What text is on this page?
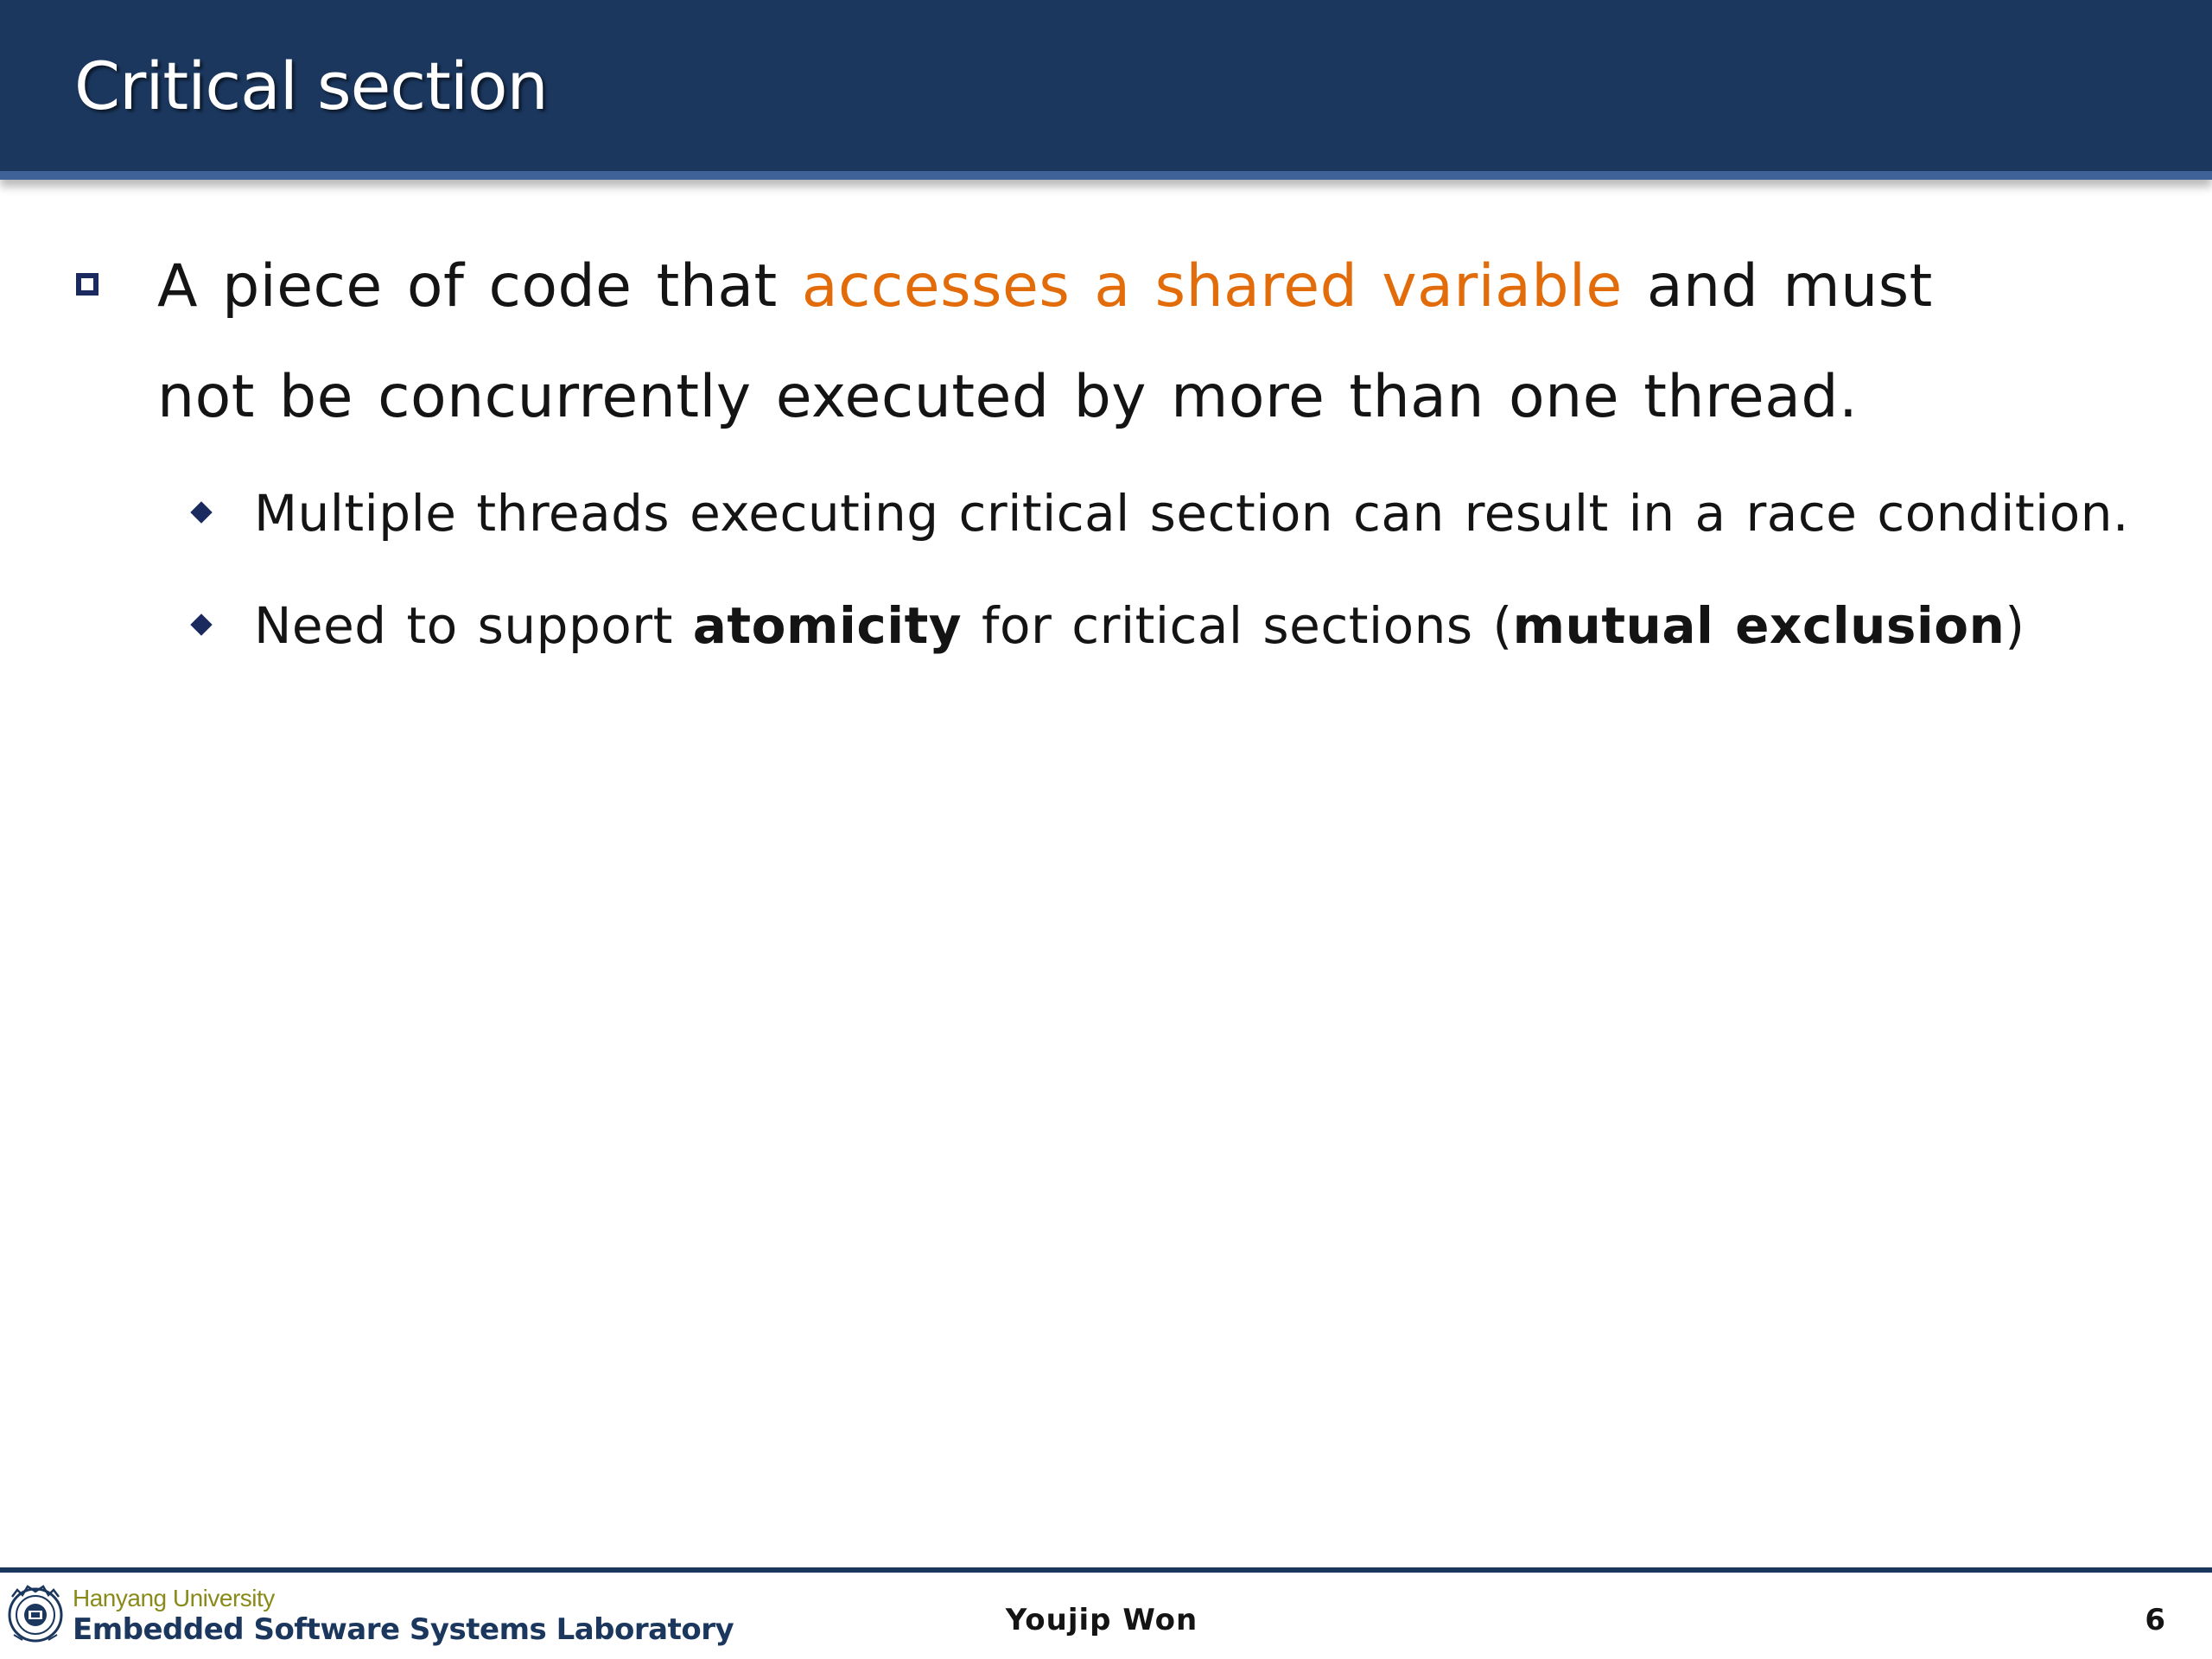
Critical section

A piece of code that accesses a shared variable and must not be concurrently executed by more than one thread.

Multiple threads executing critical section can result in a race condition.

Need to support atomicity for critical sections (mutual exclusion)

Hanyang University

Embedded Software Systems Laboratory	Youjip Won	6
